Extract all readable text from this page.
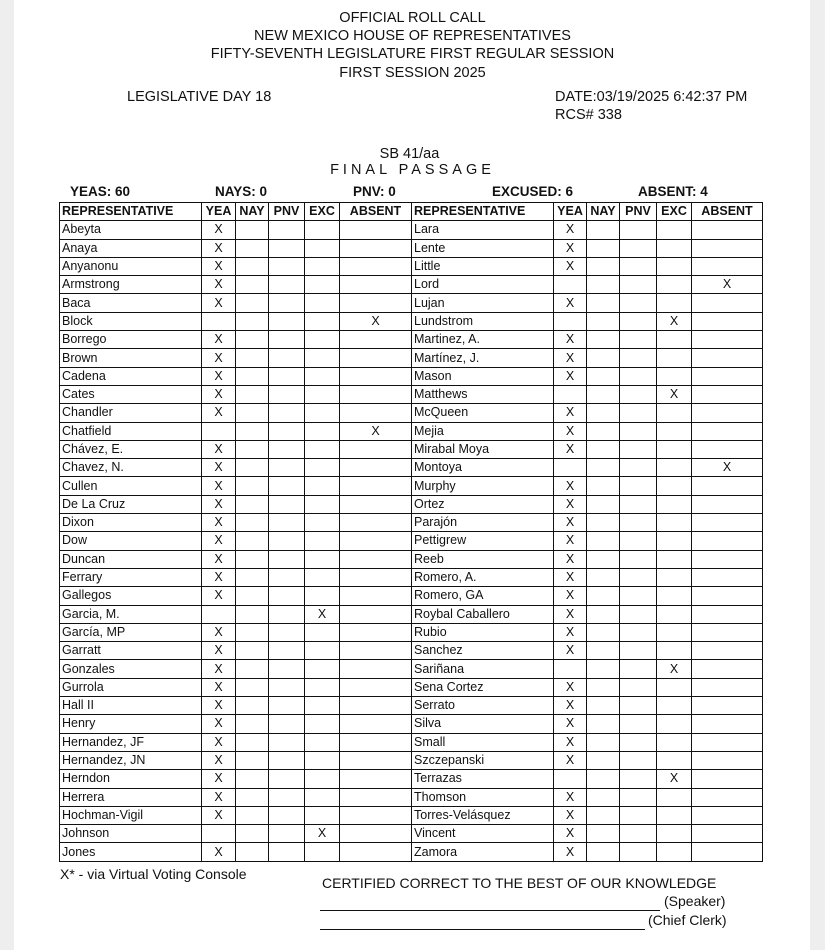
OFFICIAL ROLL CALL
NEW MEXICO HOUSE OF REPRESENTATIVES
FIFTY-SEVENTH LEGISLATURE FIRST REGULAR SESSION
FIRST SESSION 2025
LEGISLATIVE DAY 18	DATE:03/19/2025 6:42:37 PM
RCS# 338
SB 41/aa
FINAL PASSAGE
YEAS: 60	NAYS: 0	PNV: 0	EXCUSED: 6	ABSENT: 4
REPRESENTATIVE	YEA	NAY	PNV	EXC	ABSENT	REPRESENTATIVE	YEA	NAY	PNV	EXC	ABSENT
Abeyta	X					Lara	X				
Anaya	X					Lente	X				
Anyanonu	X					Little	X				
Armstrong	X					Lord					X
Baca	X					Lujan	X				
Block					X	Lundstrom				X	
Borrego	X					Martinez, A.	X				
Brown	X					Martínez, J.	X				
Cadena	X					Mason	X				
Cates	X					Matthews				X	
Chandler	X					McQueen	X				
Chatfield					X	Mejia	X				
Chávez, E.	X					Mirabal Moya	X				
Chavez, N.	X					Montoya					X
Cullen	X					Murphy	X				
De La Cruz	X					Ortez	X				
Dixon	X					Parajón	X				
Dow	X					Pettigrew	X				
Duncan	X					Reeb	X				
Ferrary	X					Romero, A.	X				
Gallegos	X					Romero, GA	X				
Garcia, M.				X		Roybal Caballero	X				
García, MP	X					Rubio	X				
Garratt	X					Sanchez	X				
Gonzales	X					Sariñana				X	
Gurrola	X					Sena Cortez	X				
Hall II	X					Serrato	X				
Henry	X					Silva	X				
Hernandez, JF	X					Small	X				
Hernandez, JN	X					Szczepanski	X				
Herndon	X					Terrazas				X	
Herrera	X					Thomson	X				
Hochman-Vigil	X					Torres-Velásquez	X				
Johnson				X		Vincent	X				
Jones	X					Zamora	X				
X* - via Virtual Voting Console
CERTIFIED CORRECT TO THE BEST OF OUR KNOWLEDGE
(Speaker)
(Chief Clerk)
